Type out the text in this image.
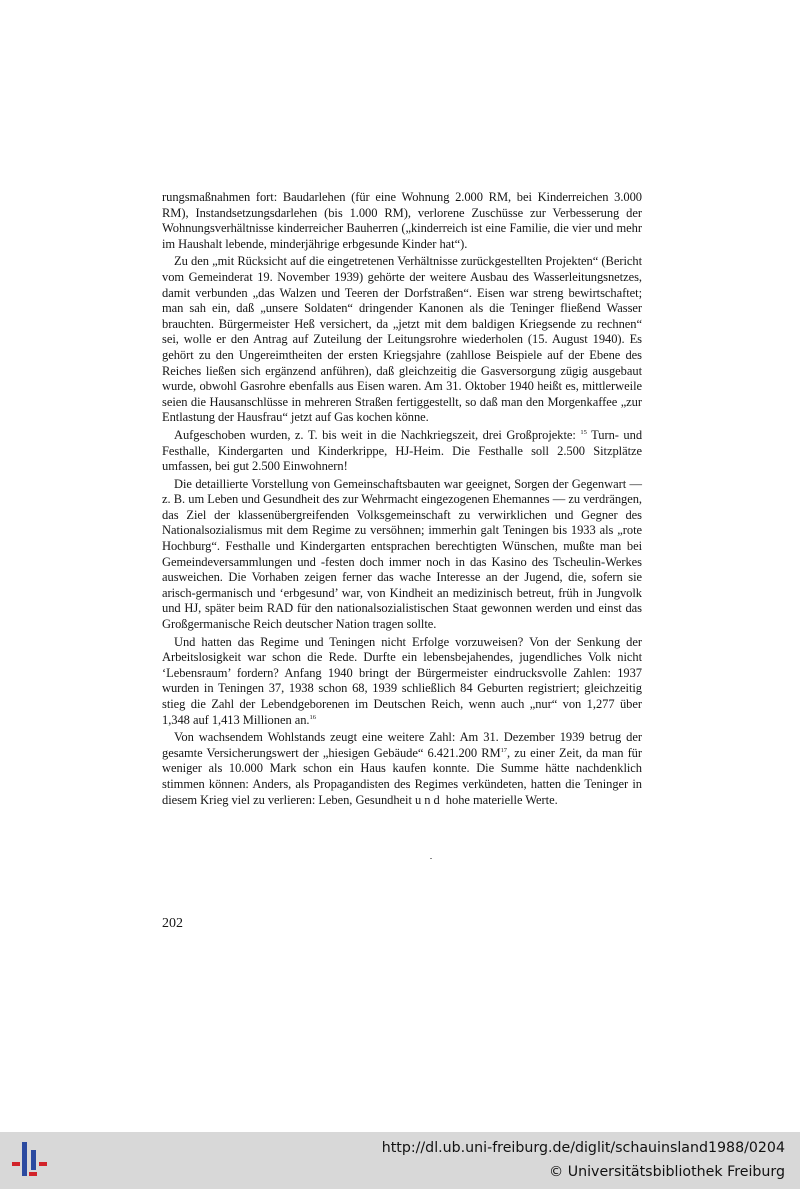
rungsmaßnahmen fort: Baudarlehen (für eine Wohnung 2.000 RM, bei Kinderreichen 3.000 RM), Instandsetzungsdarlehen (bis 1.000 RM), verlorene Zuschüsse zur Verbesserung der Wohnungsverhältnisse kinderreicher Bauherren („kinderreich ist eine Familie, die vier und mehr im Haushalt lebende, minderjährige erbgesunde Kinder hat“).

Zu den „mit Rücksicht auf die eingetretenen Verhältnisse zurückgestellten Projekten“ (Bericht vom Gemeinderat 19. November 1939) gehörte der weitere Ausbau des Wasserleitungsnetzes, damit verbunden „das Walzen und Teeren der Dorfstraßen“. Eisen war streng bewirtschaftet; man sah ein, daß „unsere Soldaten“ dringender Kanonen als die Teninger fließend Wasser brauchten. Bürgermeister Heß versichert, da „jetzt mit dem baldigen Kriegsende zu rechnen“ sei, wolle er den Antrag auf Zuteilung der Leitungsrohre wiederholen (15. August 1940). Es gehört zu den Ungereimtheiten der ersten Kriegsjahre (zahllose Beispiele auf der Ebene des Reiches ließen sich ergänzend anführen), daß gleichzeitig die Gasversorgung zügig ausgebaut wurde, obwohl Gasrohre ebenfalls aus Eisen waren. Am 31. Oktober 1940 heißt es, mittlerweile seien die Hausanschlüsse in mehreren Straßen fertiggestellt, so daß man den Morgenkaffee „zur Entlastung der Hausfrau“ jetzt auf Gas kochen könne.

Aufgeschoben wurden, z. T. bis weit in die Nachkriegszeit, drei Großprojekte: $^{15}$ Turn- und Festhalle, Kindergarten und Kinderkrippe, HJ-Heim. Die Festhalle soll 2.500 Sitzplätze umfassen, bei gut 2.500 Einwohnern!

Die detaillierte Vorstellung von Gemeinschaftsbauten war geeignet, Sorgen der Gegenwart — z. B. um Leben und Gesundheit des zur Wehrmacht eingezogenen Ehemannes — zu verdrängen, das Ziel der klassenübergreifenden Volksgemeinschaft zu verwirklichen und Gegner des Nationalsozialismus mit dem Regime zu versöhnen; immerhin galt Teningen bis 1933 als „rote Hochburg“. Festhalle und Kindergarten entsprachen berechtigten Wünschen, mußte man bei Gemeindeversammlungen und -festen doch immer noch in das Kasino des Tscheulin-Werkes ausweichen. Die Vorhaben zeigen ferner das wache Interesse an der Jugend, die, sofern sie arisch-germanisch und ‘erbgesund’ war, von Kindheit an medizinisch betreut, früh in Jungvolk und HJ, später beim RAD für den nationalsozialistischen Staat gewonnen werden und einst das Großgermanische Reich deutscher Nation tragen sollte.

Und hatten das Regime und Teningen nicht Erfolge vorzuweisen? Von der Senkung der Arbeitslosigkeit war schon die Rede. Durfte ein lebensbejahendes, jugendliches Volk nicht ‘Lebensraum’ fordern? Anfang 1940 bringt der Bürgermeister eindrucksvolle Zahlen: 1937 wurden in Teningen 37, 1938 schon 68, 1939 schließlich 84 Geburten registriert; gleichzeitig stieg die Zahl der Lebendgeborenen im Deutschen Reich, wenn auch „nur“ von 1,277 über 1,348 auf 1,413 Millionen an.$^{16}$

Von wachsendem Wohlstands zeugt eine weitere Zahl: Am 31. Dezember 1939 betrug der gesamte Versicherungswert der „hiesigen Gebäude“ 6.421.200 RM$^{17}$, zu einer Zeit, da man für weniger als 10.000 Mark schon ein Haus kaufen konnte. Die Summe hätte nachdenklich stimmen können: Anders, als Propagandisten des Regimes verkündeten, hatten die Teninger in diesem Krieg viel zu verlieren: Leben, Gesundheit und hohe materielle Werte.

202
http://dl.ub.uni-freiburg.de/diglit/schauinsland1988/0204
© Universitätsbibliothek Freiburg
